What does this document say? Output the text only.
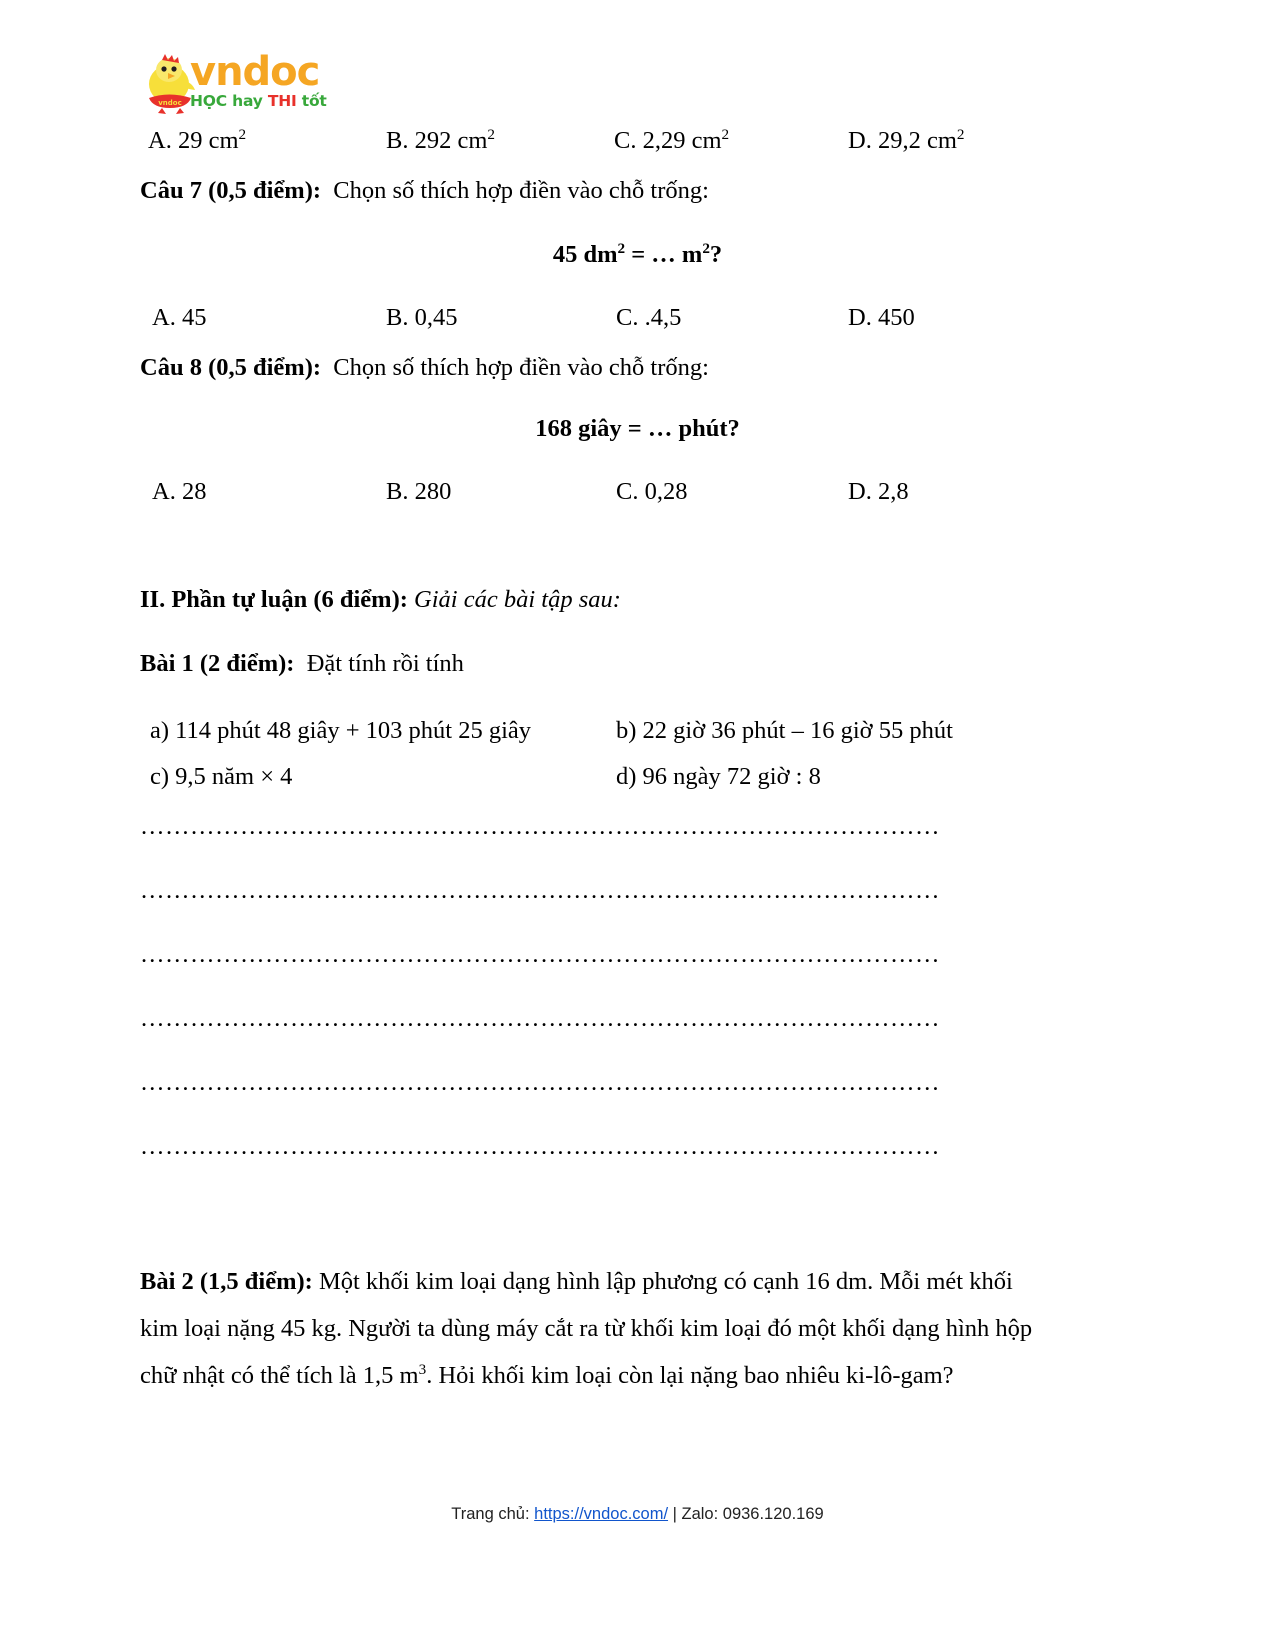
vndoc
vndoc
HỌC hay THI tốt
A. 29 $cm^2$	B. 292 $cm^2$	C. 2,29 $cm^2$	D. 29,2 $cm^2$
Câu 7 (0,5 điểm): Chọn số thích hợp điền vào chỗ trống:
45 $dm^2$ = … $m^2$?
A. 45	B. 0,45	C. .4,5	D. 450
Câu 8 (0,5 điểm): Chọn số thích hợp điền vào chỗ trống:
168 giây = … phút?
A. 28	B. 280	C. 0,28	D. 2,8
II. Phần tự luận (6 điểm): Giải các bài tập sau:
Bài 1 (2 điểm): Đặt tính rồi tính
a) 114 phút 48 giây + 103 phút 25 giây	b) 22 giờ 36 phút – 16 giờ 55 phút
c) 9,5 năm × 4	d) 96 ngày 72 giờ : 8
……………………………………………………………………………………
……………………………………………………………………………………
……………………………………………………………………………………
……………………………………………………………………………………
……………………………………………………………………………………
……………………………………………………………………………………
Bài 2 (1,5 điểm): Một khối kim loại dạng hình lập phương có cạnh 16 dm. Mỗi mét khối kim loại nặng 45 kg. Người ta dùng máy cắt ra từ khối kim loại đó một khối dạng hình hộp chữ nhật có thể tích là 1,5 $m^3$. Hỏi khối kim loại còn lại nặng bao nhiêu ki-lô-gam?
Trang chủ: https://vndoc.com/ | Zalo: 0936.120.169
